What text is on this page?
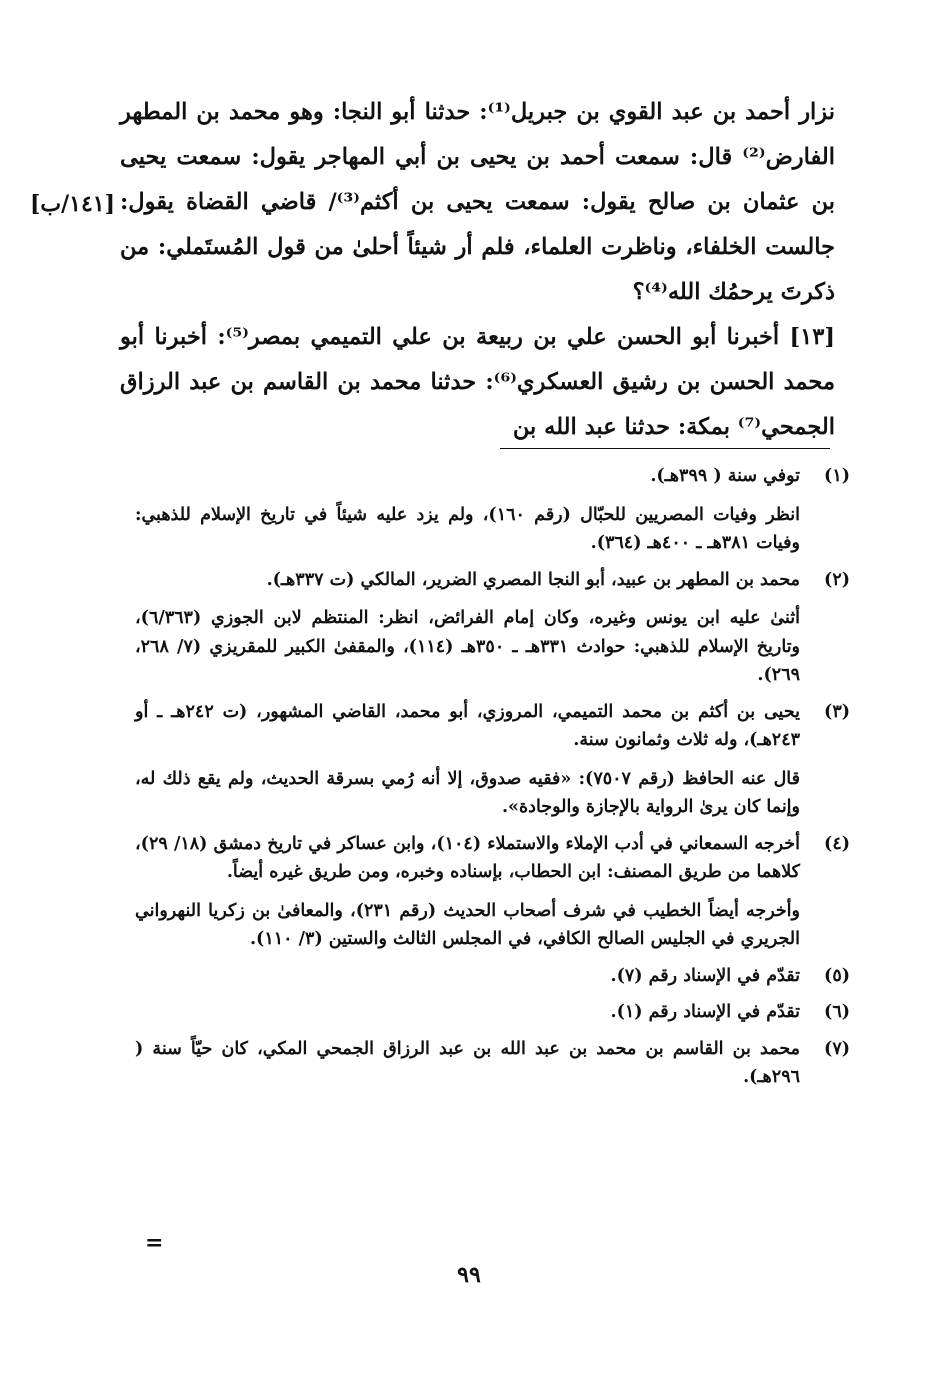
نزار أحمد بن عبد القوي بن جبريل⁽¹⁾: حدثنا أبو النجا: وهو محمد بن المطهر الفارض⁽²⁾ قال: سمعت أحمد بن يحيى بن أبي المهاجر يقول: سمعت يحيى بن عثمان بن صالح يقول: سمعت يحيى بن أكثم⁽³⁾/ قاضي القضاة يقول: جالست الخلفاء، وناظرت العلماء، فلم أر شيئاً أحلىٰ من قول المُستَملي: من ذكرتَ يرحمُك الله⁽⁴⁾؟

[١٣] أخبرنا أبو الحسن علي بن ربيعة بن علي التميمي بمصر⁽⁵⁾: أخبرنا أبو محمد الحسن بن رشيق العسكري⁽⁶⁾: حدثنا محمد بن القاسم بن عبد الرزاق الجمحي⁽⁷⁾ بمكة: حدثنا عبد الله بن

[١٤١/ب]
(١)
توفي سنة ( ٣٩٩هـ).
انظر وفيات المصريين للحبّال (رقم ١٦٠)، ولم يزد عليه شيئاً في تاريخ الإسلام للذهبي: وفيات ٣٨١هـ ـ ٤٠٠هـ (٣٦٤).
(٢)
محمد بن المطهر بن عبيد، أبو النجا المصري الضرير، المالكي (ت ٣٣٧هـ).
أثنىٰ عليه ابن يونس وغيره، وكان إمام الفرائض، انظر: المنتظم لابن الجوزي (٦/٣٦٣)، وتاريخ الإسلام للذهبي: حوادث ٣٣١هـ ـ ٣٥٠هـ (١١٤)، والمقفىٰ الكبير للمقريزي (٧/ ٢٦٨، ٢٦٩).
(٣)
يحيى بن أكثم بن محمد التميمي، المروزي، أبو محمد، القاضي المشهور، (ت ٢٤٢هـ ـ أو ٢٤٣هـ)، وله ثلاث وثمانون سنة.
قال عنه الحافظ (رقم ٧٥٠٧): «فقيه صدوق، إلا أنه رُمي بسرقة الحديث، ولم يقع ذلك له، وإنما كان يرىٰ الرواية بالإجازة والوجادة».
(٤)
أخرجه السمعاني في أدب الإملاء والاستملاء (١٠٤)، وابن عساكر في تاريخ دمشق (١٨/ ٢٩)، كلاهما من طريق المصنف: ابن الحطاب، بإسناده وخبره، ومن طريق غيره أيضاً.
وأخرجه أيضاً الخطيب في شرف أصحاب الحديث (رقم ٢٣١)، والمعافىٰ بن زكريا النهرواني الجريري في الجليس الصالح الكافي، في المجلس الثالث والستين (٣/ ١١٠).
(٥)
تقدّم في الإسناد رقم (٧).
(٦)
تقدّم في الإسناد رقم (١).
(٧)
محمد بن القاسم بن محمد بن عبد الله بن عبد الرزاق الجمحي المكي، كان حيّاً سنة ( ٢٩٦هـ).
=
٩٩
